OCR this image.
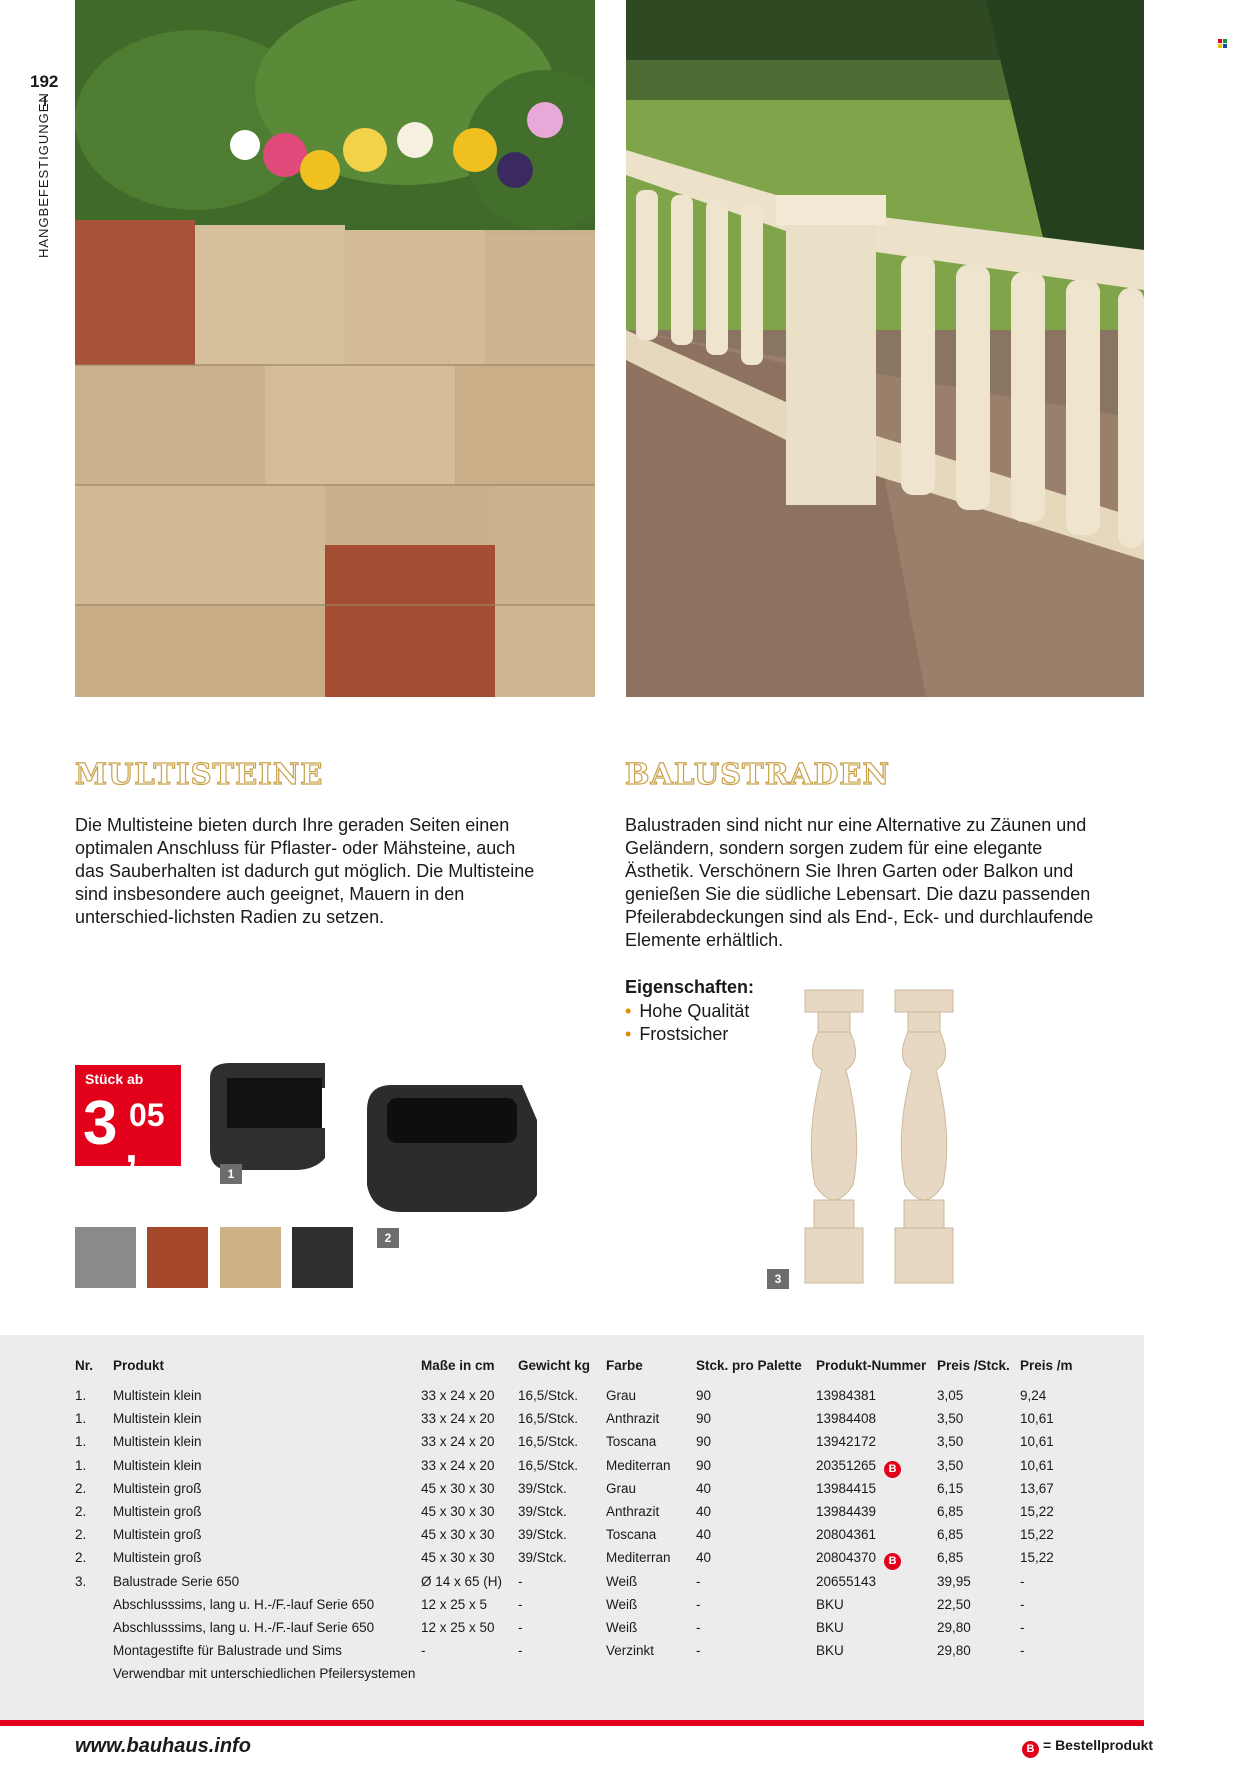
192
HANGBEFESTIGUNGEN
MULTISTEINE
Die Multisteine bieten durch Ihre geraden Seiten einen optimalen Anschluss für Pflaster- oder Mähsteine, auch das Sauberhalten ist dadurch gut möglich. Die Multisteine sind insbesondere auch geeignet, Mauern in den unterschied-lichsten Radien zu setzen.
Stück ab
3 ,
05
1
2
BALUSTRADEN
Balustraden sind nicht nur eine Alternative zu Zäunen und Geländern, sondern sorgen zudem für eine elegante Ästhetik. Verschönern Sie Ihren Garten oder Balkon und genießen Sie die südliche Lebensart. Die dazu passenden Pfeilerabdeckungen sind als End-, Eck- und durchlaufende Elemente erhältlich.
Eigenschaften:
• Hohe Qualität
• Frostsicher
3
Nr.	Produkt	Maße in cm	Gewicht kg	Farbe	Stck. pro Palette	Produkt-Nummer	Preis /Stck.	Preis /m
1.	Multistein klein	33 x 24 x 20	16,5/Stck.	Grau	90	13984381	3,05	9,24
1.	Multistein klein	33 x 24 x 20	16,5/Stck.	Anthrazit	90	13984408	3,50	10,61
1.	Multistein klein	33 x 24 x 20	16,5/Stck.	Toscana	90	13942172	3,50	10,61
1.	Multistein klein	33 x 24 x 20	16,5/Stck.	Mediterran	90	20351265 B	3,50	10,61
2.	Multistein groß	45 x 30 x 30	39/Stck.	Grau	40	13984415	6,15	13,67
2.	Multistein groß	45 x 30 x 30	39/Stck.	Anthrazit	40	13984439	6,85	15,22
2.	Multistein groß	45 x 30 x 30	39/Stck.	Toscana	40	20804361	6,85	15,22
2.	Multistein groß	45 x 30 x 30	39/Stck.	Mediterran	40	20804370 B	6,85	15,22
3.	Balustrade Serie 650	Ø 14 x 65 (H)	-	Weiß	-	20655143	39,95	-
	Abschlusssims, lang u. H.-/F.-lauf Serie 650	12 x 25 x 5	-	Weiß	-	BKU	22,50	-
	Abschlusssims, lang u. H.-/F.-lauf Serie 650	12 x 25 x 50	-	Weiß	-	BKU	29,80	-
	Montagestifte für Balustrade und Sims	-	-	Verzinkt	-	BKU	29,80	-
	Verwendbar mit unterschiedlichen Pfeilersystemen							
www.bauhaus.info	B = Bestellprodukt
